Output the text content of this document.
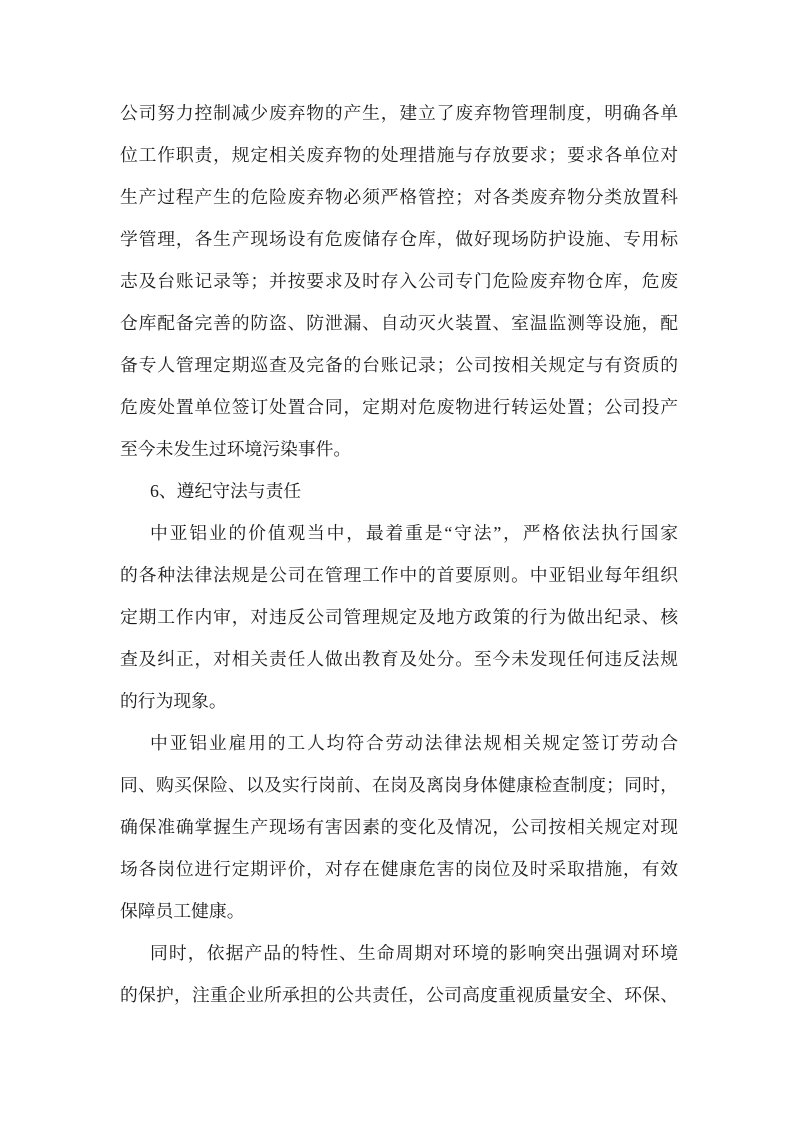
公司努力控制减少废弃物的产生，建立了废弃物管理制度，明确各单
位工作职责，规定相关废弃物的处理措施与存放要求；要求各单位对
生产过程产生的危险废弃物必须严格管控；对各类废弃物分类放置科
学管理，各生产现场设有危废储存仓库，做好现场防护设施、专用标
志及台账记录等；并按要求及时存入公司专门危险废弃物仓库，危废
仓库配备完善的防盗、防泄漏、自动灭火装置、室温监测等设施，配
备专人管理定期巡查及完备的台账记录；公司按相关规定与有资质的
危废处置单位签订处置合同，定期对危废物进行转运处置；公司投产
至今未发生过环境污染事件。
6、遵纪守法与责任
中亚铝业的价值观当中，最着重是“守法”，严格依法执行国家
的各种法律法规是公司在管理工作中的首要原则。中亚铝业每年组织
定期工作内审，对违反公司管理规定及地方政策的行为做出纪录、核
查及纠正，对相关责任人做出教育及处分。至今未发现任何违反法规
的行为现象。
中亚铝业雇用的工人均符合劳动法律法规相关规定签订劳动合
同、购买保险、以及实行岗前、在岗及离岗身体健康检查制度；同时，
确保准确掌握生产现场有害因素的变化及情况，公司按相关规定对现
场各岗位进行定期评价，对存在健康危害的岗位及时采取措施，有效
保障员工健康。
同时，依据产品的特性、生命周期对环境的影响突出强调对环境
的保护，注重企业所承担的公共责任，公司高度重视质量安全、环保、
